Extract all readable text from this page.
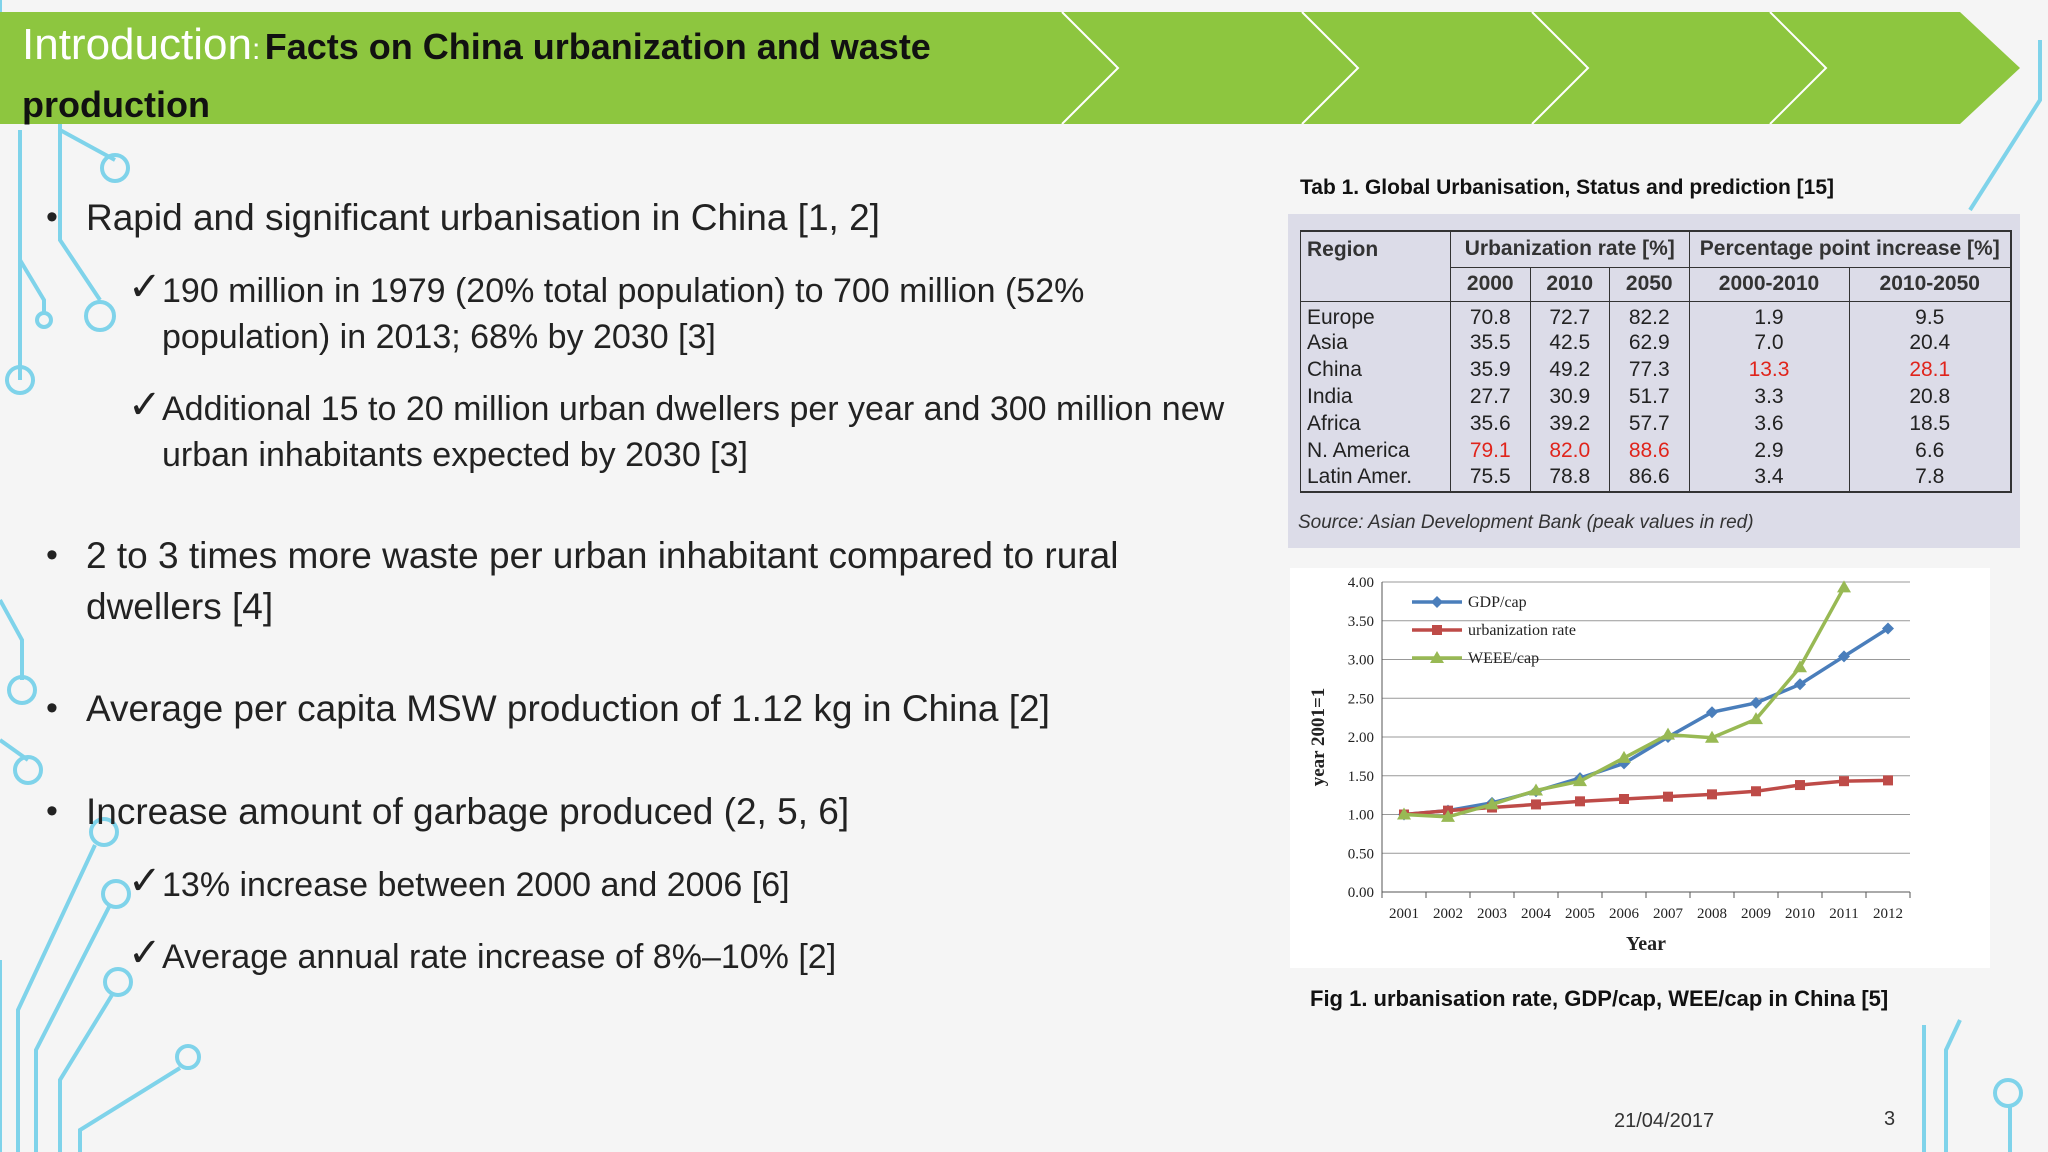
Introduction: Facts on China urbanization and waste
production
• Rapid and significant urbanisation in China [1, 2]
✓ 190 million in 1979 (20% total population) to 700 million (52%
population) in 2013; 68% by 2030 [3]
✓ Additional 15 to 20 million urban dwellers per year and 300 million new
urban inhabitants expected by 2030 [3]
• 2 to 3 times more waste per urban inhabitant compared to rural
dwellers [4]
• Average per capita MSW production of 1.12 kg in China [2]
• Increase amount of garbage produced (2, 5, 6]
✓ 13% increase between 2000 and 2006 [6]
✓ Average annual rate increase of 8%–10% [2]
Tab 1. Global Urbanisation, Status and prediction [15]
Region	Urbanization rate [%]			Percentage point increase [%]	
	2000	2010	2050	2000-2010	2010-2050
Europe	70.8	72.7	82.2	1.9	9.5
Asia	35.5	42.5	62.9	7.0	20.4
China	35.9	49.2	77.3	13.3	28.1
India	27.7	30.9	51.7	3.3	20.8
Africa	35.6	39.2	57.7	3.6	18.5
N. America	79.1	82.0	88.6	2.9	6.6
Latin Amer.	75.5	78.8	86.6	3.4	7.8
Source: Asian Development Bank (peak values in red)
0.00
0.50
1.00
1.50
2.00
2.50
3.00
3.50
4.00
2001 2002 2003 2004 2005 2006 2007 2008 2009 2010 2011 2012
Year
year 2001=1
GDP/cap
urbanization rate
WEEE/cap
Fig 1. urbanisation rate, GDP/cap, WEE/cap in China [5]
21/04/2017	3
